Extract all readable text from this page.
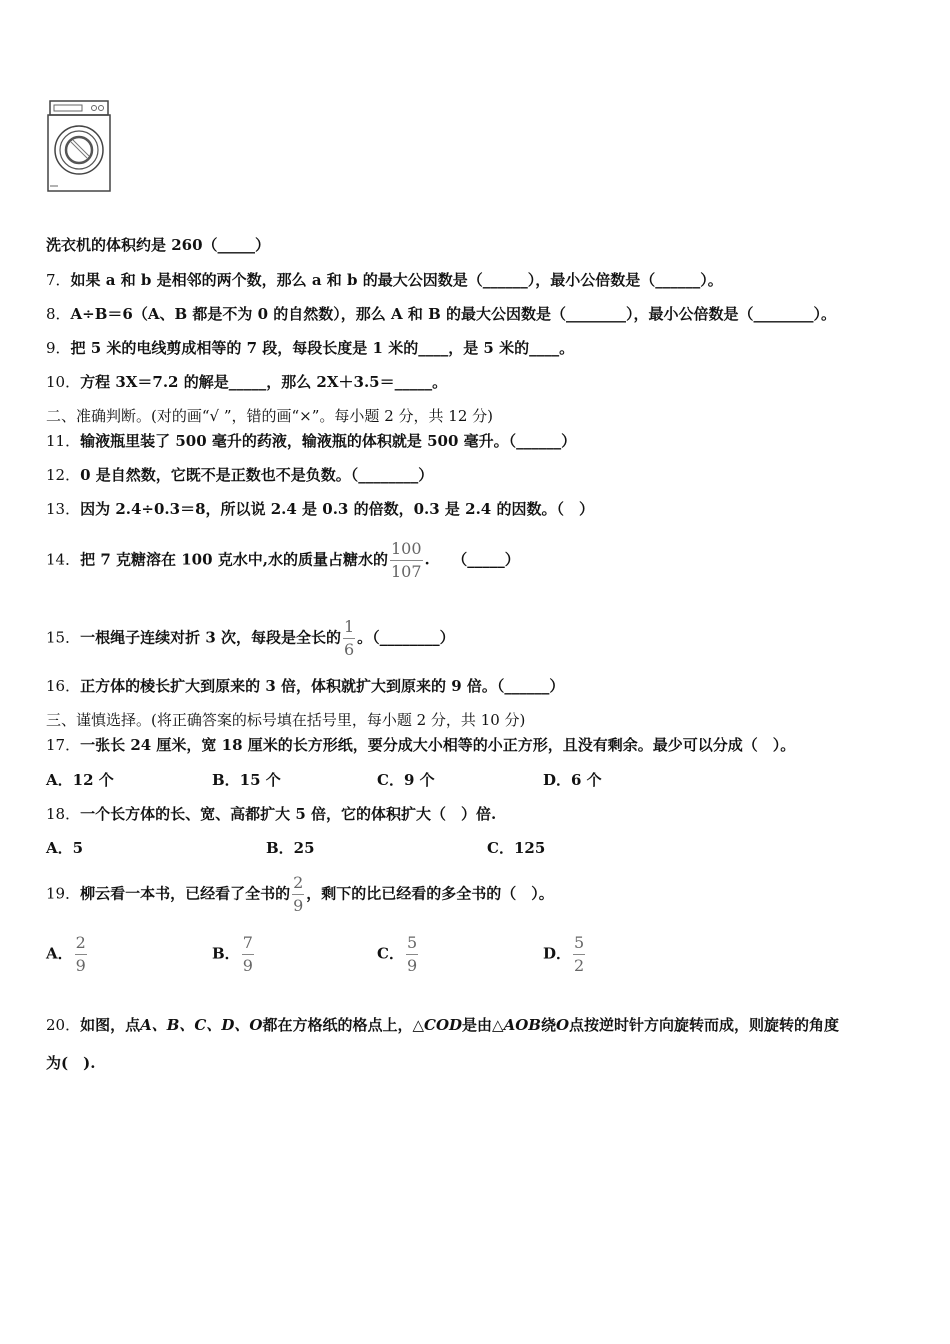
洗衣机的体积约是 260（_____）
7．如果 a 和 b 是相邻的两个数，那么 a 和 b 的最大公因数是（______），最小公倍数是（______）。
8．A÷B＝6（A、B 都是不为 0 的自然数），那么 A 和 B 的最大公因数是（________），最小公倍数是（________）。
9．把 5 米的电线剪成相等的 7 段，每段长度是 1 米的____，是 5 米的____。
10．方程 3X＝7.2 的解是_____，那么 2X＋3.5＝_____。
二、准确判断。(对的画“√ ”，错的画“×”。每小题 2 分，共 12 分)
11．输液瓶里装了 500 毫升的药液，输液瓶的体积就是 500 毫升。（______）
12．0 是自然数，它既不是正数也不是负数。（________）
13．因为 2.4÷0.3＝8，所以说 2.4 是 0.3 的倍数，0.3 是 2.4 的因数。（　）
14．把 7 克糖溶在 100 克水中,水的质量占糖水的 $\frac{100}{107}$ .　　（_____）
15．一根绳子连续对折 3 次，每段是全长的 $\frac{1}{6}$ 。（________）
16．正方体的棱长扩大到原来的 3 倍，体积就扩大到原来的 9 倍。（______）
三、谨慎选择。(将正确答案的标号填在括号里，每小题 2 分，共 10 分)
17．一张长 24 厘米，宽 18 厘米的长方形纸，要分成大小相等的小正方形，且没有剩余。最少可以分成（　）。
A．12 个	B．15 个	C．9 个	D．6 个
18．一个长方体的长、宽、高都扩大 5 倍，它的体积扩大（　）倍.
A．5	B．25	C．125
19．柳云看一本书，已经看了全书的 $\frac{2}{9}$ ，剩下的比已经看的多全书的（　）。
A． $\frac{2}{9}$	B． $\frac{7}{9}$	C． $\frac{5}{9}$	D． $\frac{5}{2}$
20．如图，点A、B、C、D、O都在方格纸的格点上，△COD是由△AOB绕O点按逆时针方向旋转而成，则旋转的角度
为(　).
